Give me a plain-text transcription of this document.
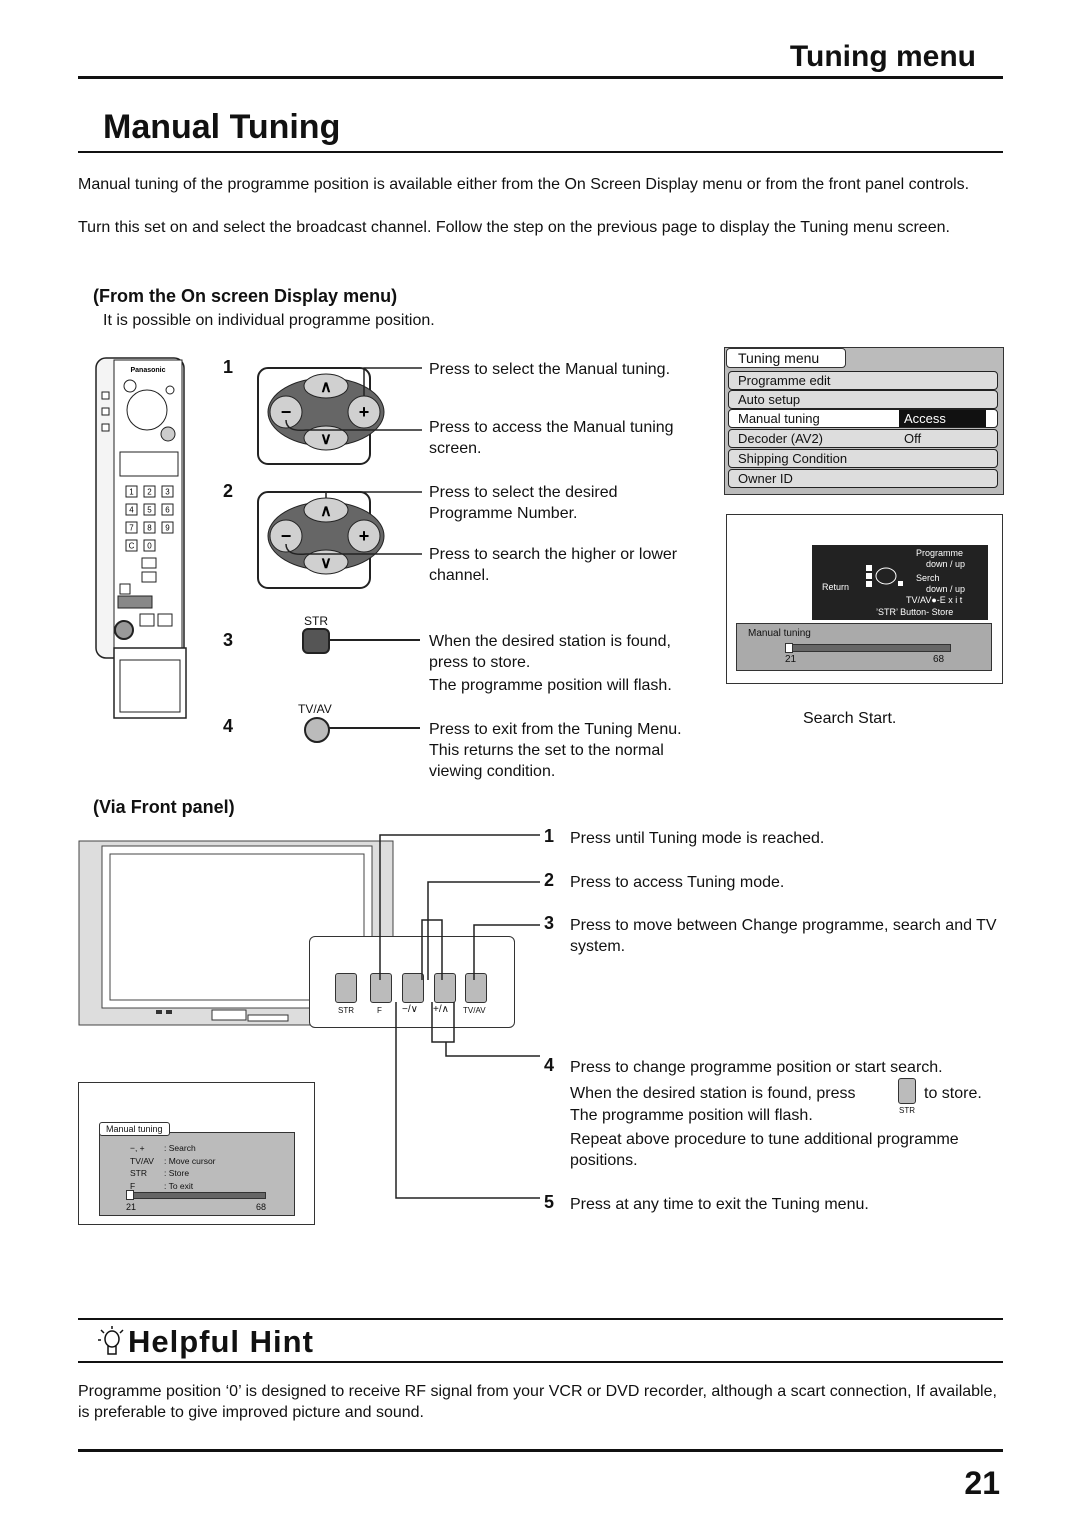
Tuning menu
Manual Tuning
Manual tuning of the programme position is available either from the On Screen Display menu or from the front panel controls.
Turn this set on and select the broadcast channel. Follow the step on the previous page to display the Tuning menu screen.
(From the On screen Display menu)
It is possible on individual programme position.
Panasonic
1 2 3
4 5 6
7 8 9
C 0
1
2
3
4
∧
∨
−	+
∧
∨
−	+
STR
TV/AV
Press to select the Manual tuning.
Press to access the Manual tuning screen.
Press to select the desired Programme Number.
Press to search the higher or lower channel.
When the desired station is found, press to store.
The programme position will flash.
Press to exit from the Tuning Menu.
This returns the set to the normal viewing condition.
Tuning menu
Programme edit
Auto setup
Manual tuning	Access
Decoder (AV2)	Off
Shipping Condition
Owner ID
Programme
down / up
Return
Serch
down / up
TV/AV●-E x i t
’STR’ Button- Store
Manual tuning
21	68
Search Start.
(Via Front panel)
STR	F −/∨ +/∧ TV/AV
1 Press until Tuning mode is reached.
2 Press to access Tuning mode.
3 Press to move between Change programme, search and TV system.
4 Press to change programme position or start search.
When the desired station is found, press	to store.
The programme position will flash.	STR
Repeat above procedure to tune additional programme positions.
5 Press at any time to exit the Tuning menu.
Manual tuning
−, + : Search
TV/AV : Move cursor
STR : Store
F	: To exit
21	68
Helpful Hint
Programme position ‘0’ is designed to receive RF signal from your VCR or DVD recorder, although a scart connection, If available, is preferable to give improved picture and sound.
21
